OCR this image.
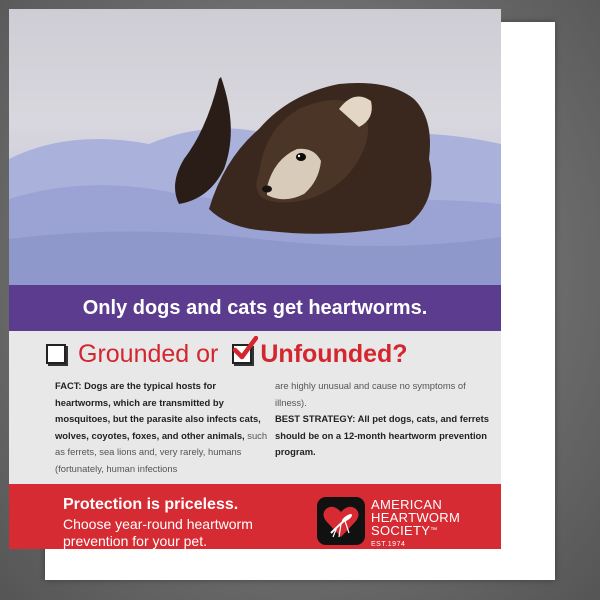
Only dogs and cats get heartworms.
Grounded or Unfounded?
FACT: Dogs are the typical hosts for heartworms, which are transmitted by mosquitoes, but the parasite also infects cats, wolves, coyotes, foxes, and other animals, such as ferrets, sea lions and, very rarely, humans (fortunately, human infections
are highly unusual and cause no symptoms of illness).
BEST STRATEGY: All pet dogs, cats, and ferrets should be on a 12-month heartworm prevention program.
Protection is priceless.
Choose year-round heartworm prevention for your pet.
AMERICAN
HEARTWORM
SOCIETY™
EST.1974
